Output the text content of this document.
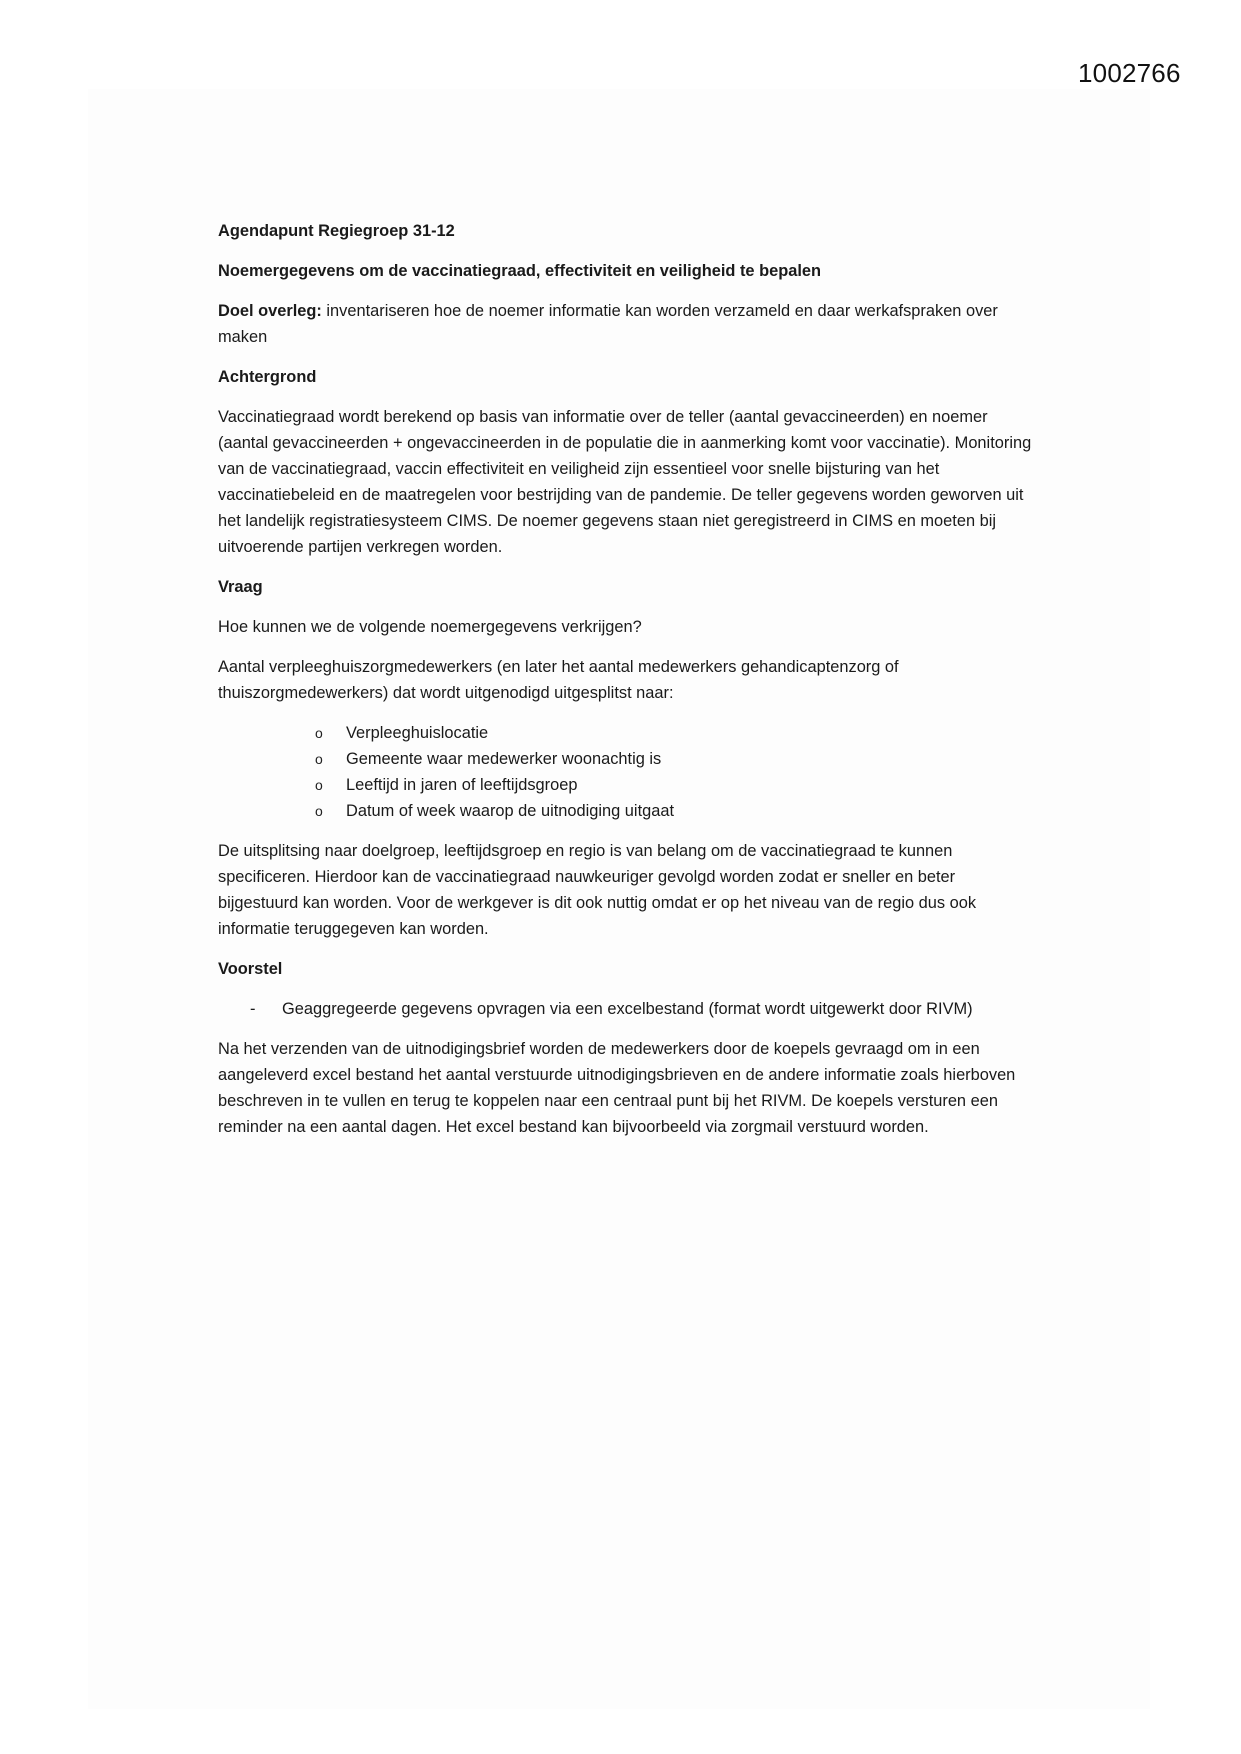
1002766

Agendapunt Regiegroep 31-12

Noemergegevens om de vaccinatiegraad, effectiviteit en veiligheid te bepalen

Doel overleg: inventariseren hoe de noemer informatie kan worden verzameld en daar werkafspraken over maken

Achtergrond

Vaccinatiegraad wordt berekend op basis van informatie over de teller (aantal gevaccineerden) en noemer (aantal gevaccineerden + ongevaccineerden in de populatie die in aanmerking komt voor vaccinatie). Monitoring van de vaccinatiegraad, vaccin effectiviteit en veiligheid zijn essentieel voor snelle bijsturing van het vaccinatiebeleid en de maatregelen voor bestrijding van de pandemie. De teller gegevens worden geworven uit het landelijk registratiesysteem CIMS. De noemer gegevens staan niet geregistreerd in CIMS en moeten bij uitvoerende partijen verkregen worden.

Vraag

Hoe kunnen we de volgende noemergegevens verkrijgen?

Aantal verpleeghuiszorgmedewerkers (en later het aantal medewerkers gehandicaptenzorg of thuiszorgmedewerkers) dat wordt uitgenodigd uitgesplitst naar:

o Verpleeghuislocatie
o Gemeente waar medewerker woonachtig is
o Leeftijd in jaren of leeftijdsgroep
o Datum of week waarop de uitnodiging uitgaat

De uitsplitsing naar doelgroep, leeftijdsgroep en regio is van belang om de vaccinatiegraad te kunnen specificeren. Hierdoor kan de vaccinatiegraad nauwkeuriger gevolgd worden zodat er sneller en beter bijgestuurd kan worden. Voor de werkgever is dit ook nuttig omdat er op het niveau van de regio dus ook informatie teruggegeven kan worden.

Voorstel

- Geaggregeerde gegevens opvragen via een excelbestand (format wordt uitgewerkt door RIVM)

Na het verzenden van de uitnodigingsbrief worden de medewerkers door de koepels gevraagd om in een aangeleverd excel bestand het aantal verstuurde uitnodigingsbrieven en de andere informatie zoals hierboven beschreven in te vullen en terug te koppelen naar een centraal punt bij het RIVM. De koepels versturen een reminder na een aantal dagen. Het excel bestand kan bijvoorbeeld via zorgmail verstuurd worden.
